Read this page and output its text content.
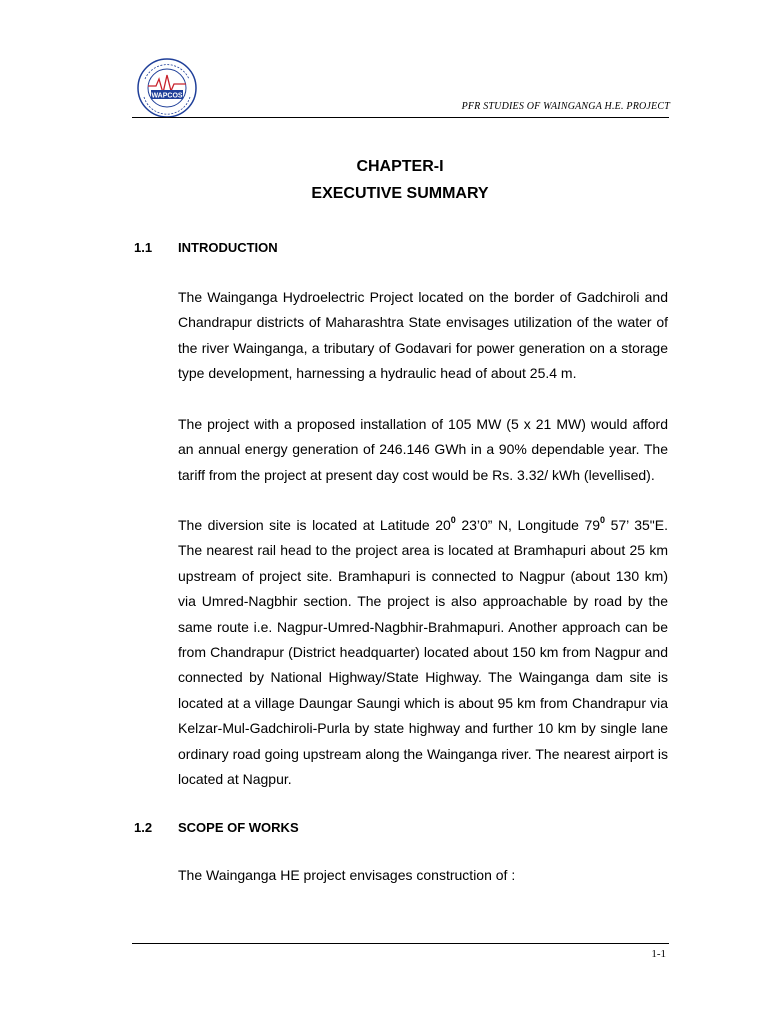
WAPCOS
PFR STUDIES OF WAINGANGA H.E. PROJECT
CHAPTER-I
EXECUTIVE SUMMARY
1.1 INTRODUCTION
The Wainganga Hydroelectric Project located on the border of Gadchiroli and Chandrapur districts of Maharashtra State envisages utilization of the water of the river Wainganga, a tributary of Godavari for power generation on a storage type development, harnessing a hydraulic head of about 25.4 m.
The project with a proposed installation of 105 MW (5 x 21 MW) would afford an annual energy generation of 246.146 GWh in a 90% dependable year. The tariff from the project at present day cost would be Rs. 3.32/ kWh (levellised).
The diversion site is located at Latitude $20^0$ 23’0” N, Longitude $79^0$ 57’ 35"E. The nearest rail head to the project area is located at Bramhapuri about 25 km upstream of project site. Bramhapuri is connected to Nagpur (about 130 km) via Umred-Nagbhir section. The project is also approachable by road by the same route i.e. Nagpur-Umred-Nagbhir-Brahmapuri. Another approach can be from Chandrapur (District headquarter) located about 150 km from Nagpur and connected by National Highway/State Highway. The Wainganga dam site is located at a village Daungar Saungi which is about 95 km from Chandrapur via Kelzar-Mul-Gadchiroli-Purla by state highway and further 10 km by single lane ordinary road going upstream along the Wainganga river. The nearest airport is located at Nagpur.
1.2 SCOPE OF WORKS
The Wainganga HE project envisages construction of :
1-1
